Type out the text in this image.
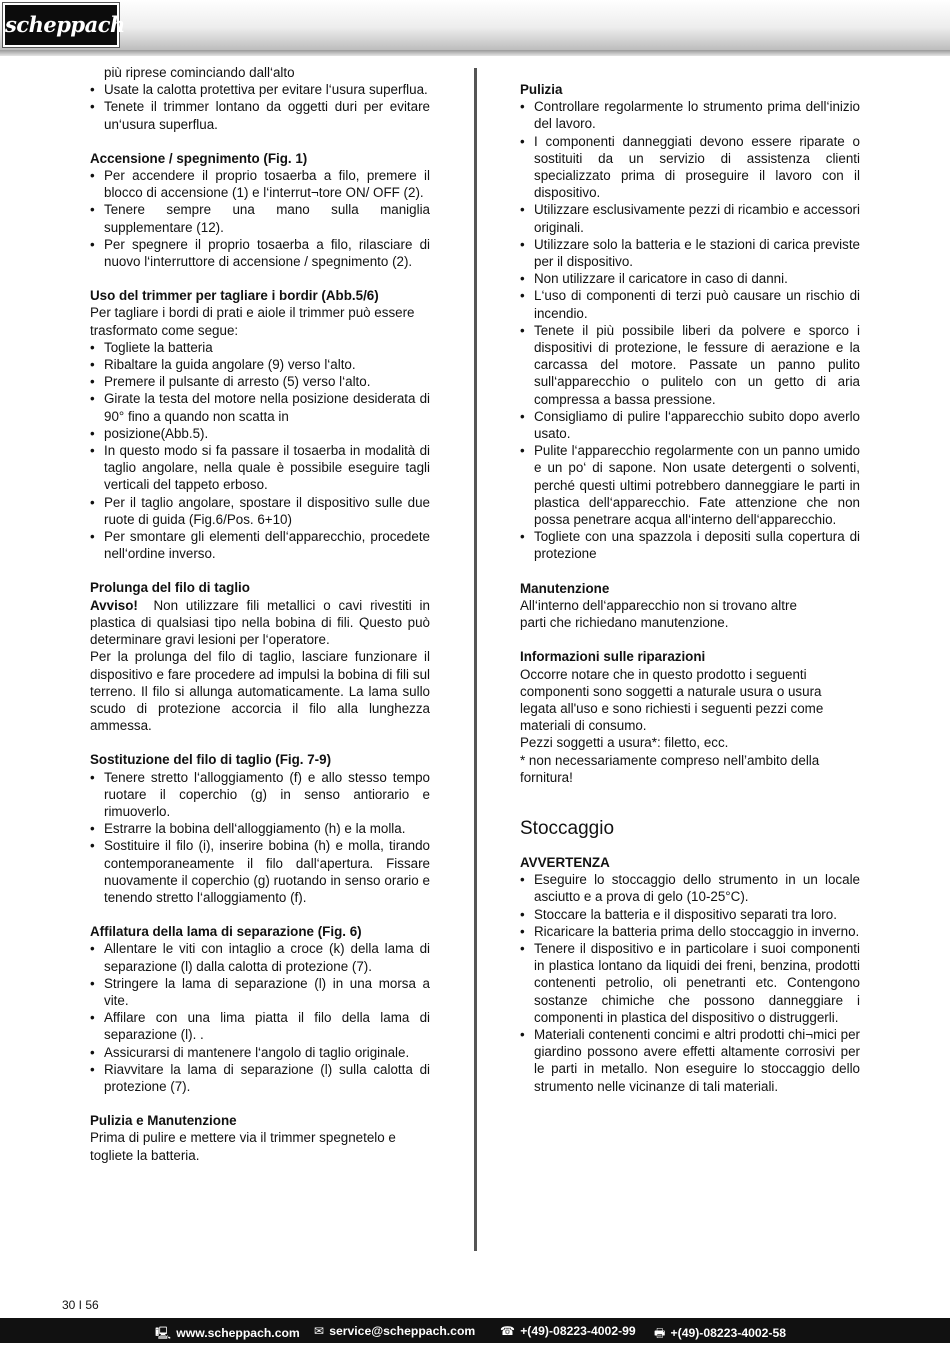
scheppach

più riprese cominciando dall‘alto

• Usate la calotta protettiva per evitare l‘usura superflua.
• Tenete il trimmer lontano da oggetti duri per evitare un‘usura superflua.

Accensione / spegnimento (Fig. 1)

• Per accendere il proprio tosaerba a filo, premere il blocco di accensione (1) e l‘interrut¬tore ON/ OFF (2).
• Tenere sempre una mano sulla maniglia supplementare (12).
• Per spegnere il proprio tosaerba a filo, rilasciare di nuovo l‘interruttore di accensione / spegnimento (2).

Uso del trimmer per tagliare i bordir (Abb.5/6)

Per tagliare i bordi di prati e aiole il trimmer può essere trasformato come segue:

• Togliete la batteria
• Ribaltare la guida angolare (9) verso l‘alto.
• Premere il pulsante di arresto (5) verso l‘alto.
• Girate la testa del motore nella posizione desiderata di 90° fino a quando non scatta in
• posizione(Abb.5).
• In questo modo si fa passare il tosaerba in modalità di taglio angolare, nella quale è possibile eseguire tagli verticali del tappeto erboso.
• Per il taglio angolare, spostare il dispositivo sulle due ruote di guida (Fig.6/Pos. 6+10)
• Per smontare gli elementi dell‘apparecchio, procedete nell‘ordine inverso.

Prolunga del filo di taglio

Avviso! Non utilizzare fili metallici o cavi rivestiti in plastica di qualsiasi tipo nella bobina di fili. Questo può determinare gravi lesioni per l‘operatore.

Per la prolunga del filo di taglio, lasciare funzionare il dispositivo e fare procedere ad impulsi la bobina di fili sul terreno. Il filo si allunga automaticamente. La lama sullo scudo di protezione accorcia il filo alla lunghezza ammessa.

Sostituzione del filo di taglio (Fig. 7-9)

• Tenere stretto l‘alloggiamento (f) e allo stesso tempo ruotare il coperchio (g) in senso antiorario e rimuoverlo.
• Estrarre la bobina dell‘alloggiamento (h) e la molla.
• Sostituire il filo (i), inserire bobina (h) e molla, tirando contemporaneamente il filo dall‘apertura. Fissare nuovamente il coperchio (g) ruotando in senso orario e tenendo stretto l‘alloggiamento (f).

Affilatura della lama di separazione (Fig. 6)

• Allentare le viti con intaglio a croce (k) della lama di separazione (l) dalla calotta di protezione (7).
• Stringere la lama di separazione (l) in una morsa a vite.
• Affilare con una lima piatta il filo della lama di separazione (l). .
• Assicurarsi di mantenere l‘angolo di taglio originale.
• Riavvitare la lama di separazione (l) sulla calotta di protezione (7).

Pulizia e Manutenzione

Prima di pulire e mettere via il trimmer spegnetelo e togliete la batteria.

Pulizia

• Controllare regolarmente lo strumento prima dell‘inizio del lavoro.
• I componenti danneggiati devono essere riparate o sostituiti da un servizio di assistenza clienti specializzato prima di proseguire il lavoro con il dispositivo.
• Utilizzare esclusivamente pezzi di ricambio e accessori originali.
• Utilizzare solo la batteria e le stazioni di carica previste per il dispositivo.
• Non utilizzare il caricatore in caso di danni.
• L‘uso di componenti di terzi può causare un rischio di incendio.
• Tenete il più possibile liberi da polvere e sporco i dispositivi di protezione, le fessure di aerazione e la carcassa del motore. Passate un panno pulito sull‘apparecchio o pulitelo con un getto di aria compressa a bassa pressione.
• Consigliamo di pulire l‘apparecchio subito dopo averlo usato.
• Pulite l‘apparecchio regolarmente con un panno umido e un po‘ di sapone. Non usate detergenti o solventi, perché questi ultimi potrebbero danneggiare le parti in plastica dell‘apparecchio. Fate attenzione che non possa penetrare acqua all‘interno dell‘apparecchio.
• Togliete con una spazzola i depositi sulla copertura di protezione

Manutenzione

All‘interno dell‘apparecchio non si trovano altre

parti che richiedano manutenzione.

Informazioni sulle riparazioni

Occorre notare che in questo prodotto i seguenti componenti sono soggetti a naturale usura o usura legata all'uso e sono richiesti i seguenti pezzi come materiali di consumo.

Pezzi soggetti a usura*: filetto, ecc.

* non necessariamente compreso nell’ambito della fornitura!

Stoccaggio

AVVERTENZA

• Eseguire lo stoccaggio dello strumento in un locale asciutto e a prova di gelo (10-25°C).
• Stoccare la batteria e il dispositivo separati tra loro.
• Ricaricare la batteria prima dello stoccaggio in inverno.
• Tenere il dispositivo e in particolare i suoi componenti in plastica lontano da liquidi dei freni, benzina, prodotti contenenti petrolio, oli penetranti etc. Contengono sostanze chimiche che possono danneggiare i componenti in plastica del dispositivo o distruggerli.
• Materiali contenenti concimi e altri prodotti chi¬mici per giardino possono avere effetti altamente corrosivi per le parti in metallo. Non eseguire lo stoccaggio dello strumento nelle vicinanze di tali materiali.
30 I 56
🖳 www.scheppach.com ✉ service@scheppach.com ☎ +(49)-08223-4002-99 🖶 +(49)-08223-4002-58
